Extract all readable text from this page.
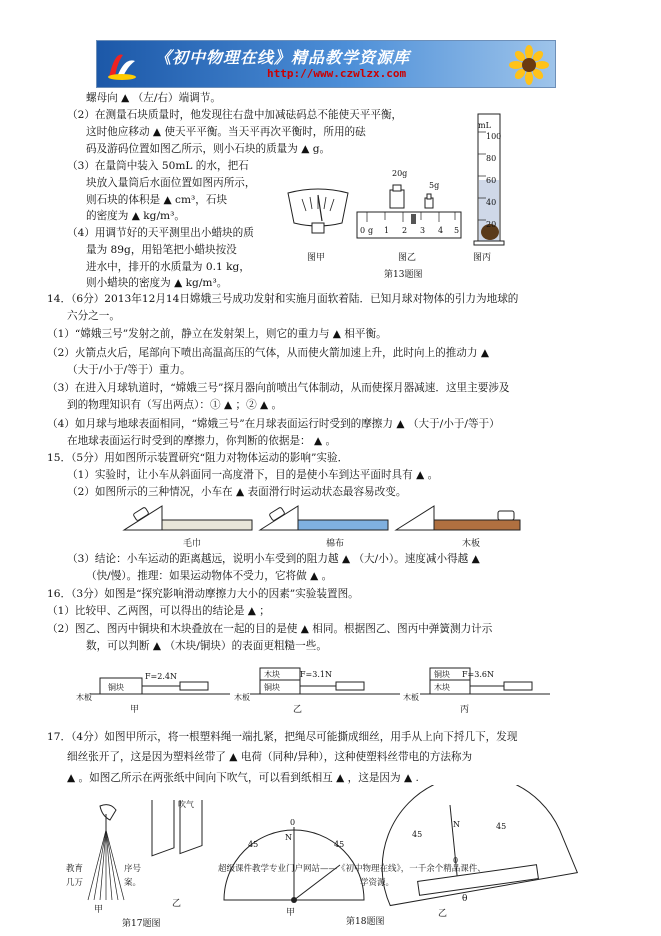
《初中物理在线》精品教学资源库
http://www.czwlzx.com
螺母向 ▲ （左/右）端调节。
（2）在测量石块质量时，他发现往右盘中加减砝码总不能使天平平衡，
这时他应移动 ▲ 使天平平衡。当天平再次平衡时，所用的砝
码及游码位置如图乙所示，则小石块的质量为 ▲ g。
（3）在量筒中装入 50mL 的水，把石
块放入量筒后水面位置如图丙所示，
则石块的体积是 ▲ cm³，石块
的密度为 ▲ kg/m³。
（4）用调节好的天平测里出小蜡块的质
量为 89g，用铅笔把小蜡块按没
进水中，排开的水质量为 0.1 kg，
则小蜡块的密度为 ▲ kg/m³。
图甲
20g
5g
0 g 1 2 3 4 5
图乙
第13题图
mL
100
80
60
40
20
图丙
14．（6分）2013年12月14日嫦娥三号成功发射和实施月面软着陆．已知月球对物体的引力为地球的
六分之一。
（1）“嫦娥三号”发射之前，静立在发射架上，则它的重力与 ▲ 相平衡。
（2）火箭点火后，尾部向下喷出高温高压的气体，从而使火箭加速上升，此时向上的推动力 ▲
（大于/小于/等于）重力。
（3）在进入月球轨道时，“嫦娥三号”探月器向前喷出气体制动，从而使探月器减速．这里主要涉及
到的物理知识有（写出两点）：① ▲ ；② ▲ 。
（4）如月球与地球表面相同，“嫦娥三号”在月球表面运行时受到的摩擦力 ▲ （大于/小于/等于）
在地球表面运行时受到的摩擦力，你判断的依据是： ▲ 。
15．（5分）用如图所示装置研究“阻力对物体运动的影响”实验．
（1）实验时，让小车从斜面同一高度滑下，目的是使小车到达平面时具有 ▲ 。
（2）如图所示的三种情况，小车在 ▲ 表面滑行时运动状态最容易改变。
毛巾	棉布	木板
（3）结论：小车运动的距离越远，说明小车受到的阻力越 ▲ （大/小）。速度减小得越 ▲
（快/慢）。推理：如果运动物体不受力，它将做 ▲ 。
16．（3分）如图是“探究影响滑动摩擦力大小的因素”实验装置图。
（1）比较甲、乙两图，可以得出的结论是 ▲ ；
（2）图乙、图丙中铜块和木块叠放在一起的目的是使 ▲ 相同。根据图乙、图丙中弹簧测力计示
数，可以判断 ▲ （木块/铜块）的表面更粗糙一些。
F=2.4N	F=3.1N	F=3.6N
铜块
木块
铜块
铜块
木块
木板	木板	木板
甲	乙	丙
17．（4分）如图甲所示，将一根塑料绳一端扎紧，把绳尽可能撕成细丝，用手从上向下捋几下，发现
细丝张开了，这是因为塑料丝带了 ▲ 电荷（同种/异种），这种使塑料丝带电的方法称为
▲ 。如图乙所示在两张纸中间向下吹气，可以看到纸相互 ▲ ，这是因为 ▲ .
吹气
甲
乙
第17题图
0
45	45
N
甲
第18题图
45
45
N
0
θ
乙
教育
几万
序号
案。
超级课件教学专业门户网站——《初中物理在线》，一千余个精品课件、
学资源。
